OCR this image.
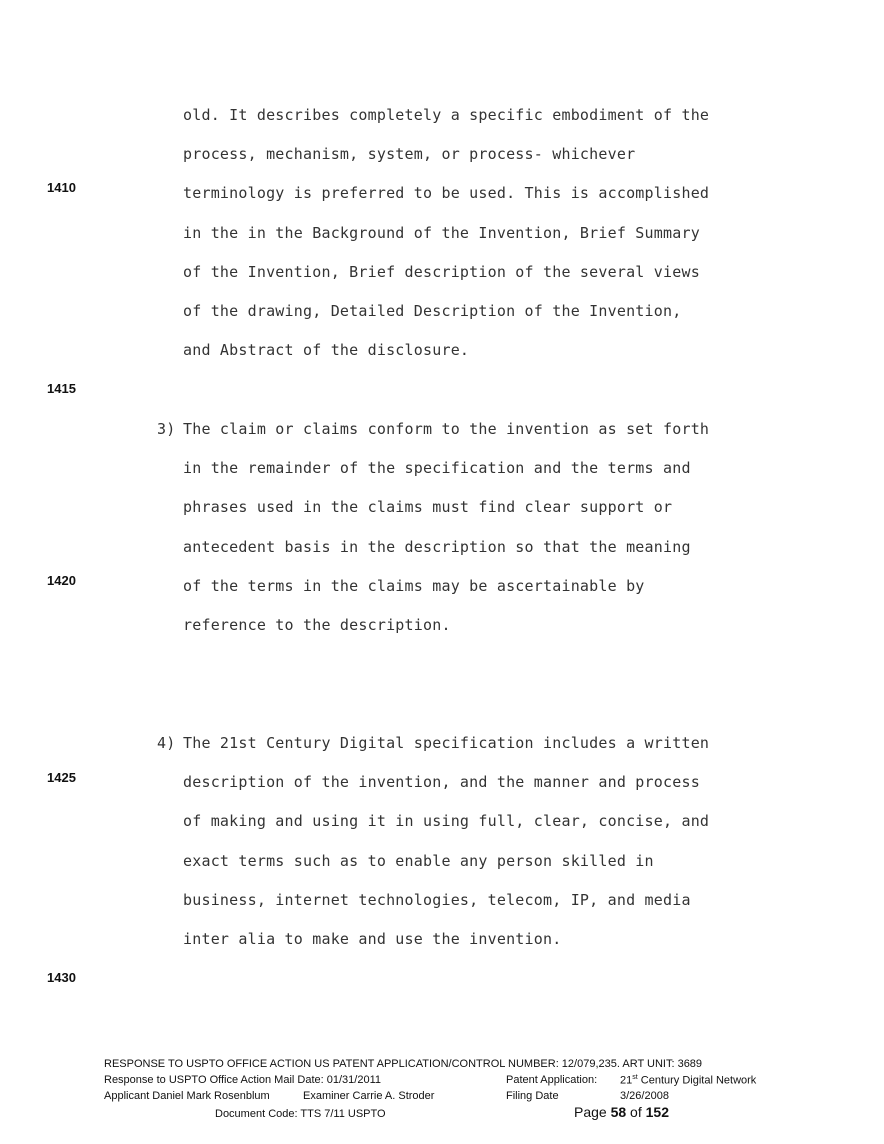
1410
1415
1420
1425
1430
old. It describes completely a specific embodiment of the
process, mechanism, system, or process- whichever
terminology is preferred to be used. This is accomplished
in the in the Background of the Invention, Brief Summary
of the Invention, Brief description of the several views
of the drawing, Detailed Description of the Invention,
and Abstract of the disclosure.
3) The claim or claims conform to the invention as set forth
in the remainder of the specification and the terms and
phrases used in the claims must find clear support or
antecedent basis in the description so that the meaning
of the terms in the claims may be ascertainable by
reference to the description.
4) The 21st Century Digital specification includes a written
description of the invention, and the manner and process
of making and using it in using full, clear, concise, and
exact terms such as to enable any person skilled in
business, internet technologies, telecom, IP, and media
inter alia to make and use the invention.
RESPONSE TO USPTO OFFICE ACTION US PATENT APPLICATION/CONTROL NUMBER: 12/079,235. ART UNIT: 3689
Response to USPTO Office Action Mail Date: 01/31/2011	Patent Application: 21st Century Digital Network
Applicant Daniel Mark Rosenblum	Examiner Carrie A. Stroder	Filing Date	3/26/2008
Document Code: TTS 7/11 USPTO	Page 58 of 152
